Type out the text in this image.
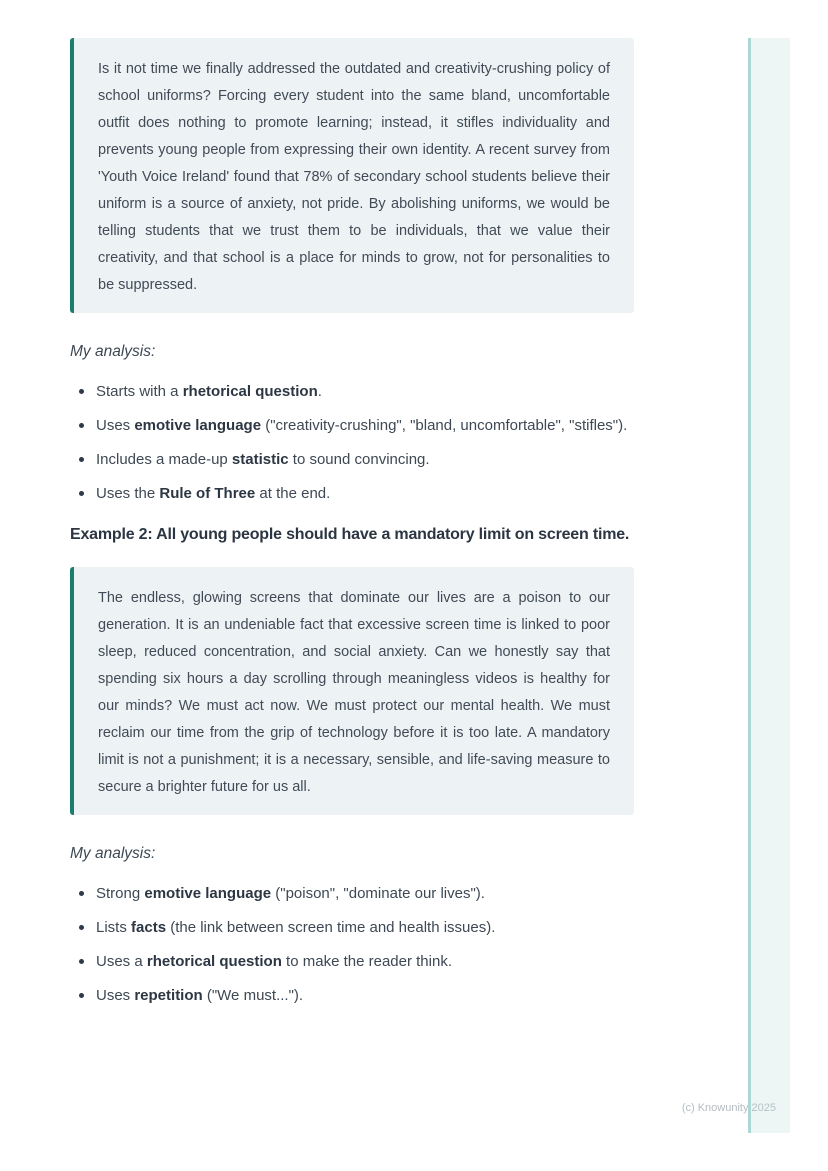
Is it not time we finally addressed the outdated and creativity-crushing policy of school uniforms? Forcing every student into the same bland, uncomfortable outfit does nothing to promote learning; instead, it stifles individuality and prevents young people from expressing their own identity. A recent survey from 'Youth Voice Ireland' found that 78% of secondary school students believe their uniform is a source of anxiety, not pride. By abolishing uniforms, we would be telling students that we trust them to be individuals, that we value their creativity, and that school is a place for minds to grow, not for personalities to be suppressed.

My analysis:
Starts with a rhetorical question.
Uses emotive language ("creativity-crushing", "bland, uncomfortable", "stifles").
Includes a made-up statistic to sound convincing.
Uses the Rule of Three at the end.
Example 2: All young people should have a mandatory limit on screen time.

The endless, glowing screens that dominate our lives are a poison to our generation. It is an undeniable fact that excessive screen time is linked to poor sleep, reduced concentration, and social anxiety. Can we honestly say that spending six hours a day scrolling through meaningless videos is healthy for our minds? We must act now. We must protect our mental health. We must reclaim our time from the grip of technology before it is too late. A mandatory limit is not a punishment; it is a necessary, sensible, and life-saving measure to secure a brighter future for us all.

My analysis:
Strong emotive language ("poison", "dominate our lives").
Lists facts (the link between screen time and health issues).
Uses a rhetorical question to make the reader think.
Uses repetition ("We must...").
(c) Knowunity 2025
